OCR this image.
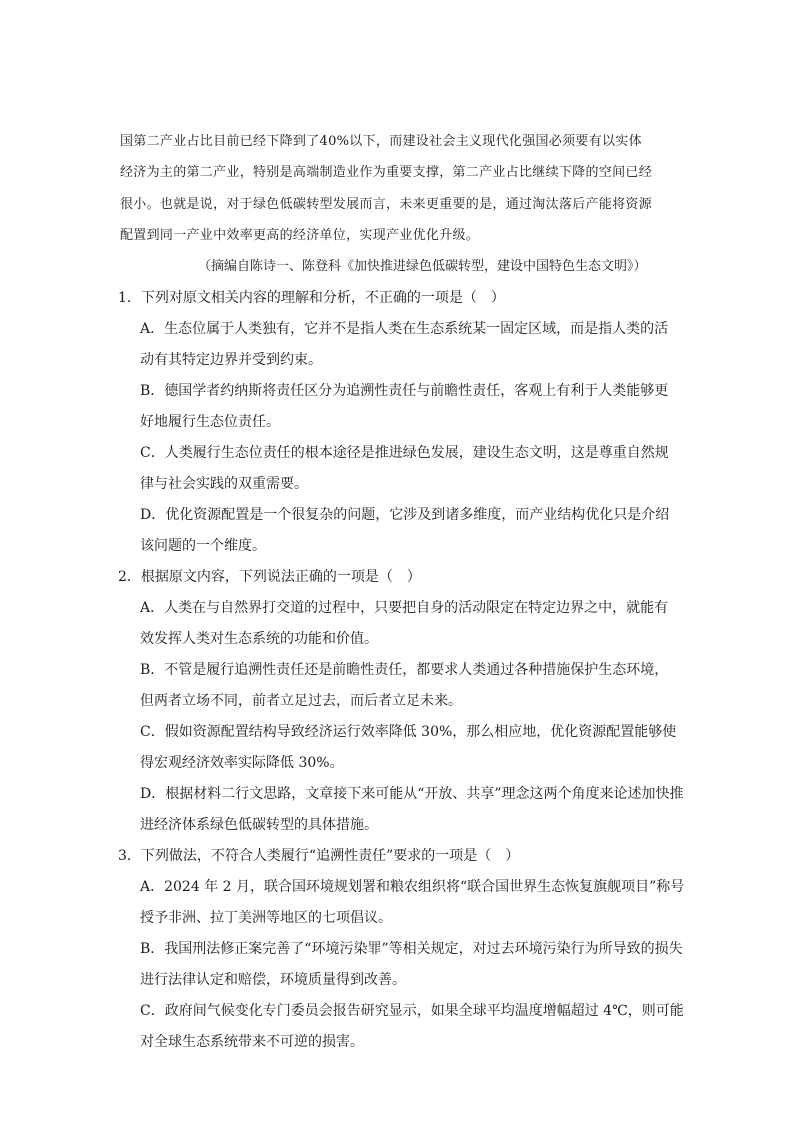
国第二产业占比目前已经下降到了40%以下，而建设社会主义现代化强国必须要有以实体
经济为主的第二产业，特别是高端制造业作为重要支撑，第二产业占比继续下降的空间已经
很小。也就是说，对于绿色低碳转型发展而言，未来更重要的是，通过淘汰落后产能将资源
配置到同一产业中效率更高的经济单位，实现产业优化升级。
（摘编自陈诗一、陈登科《加快推进绿色低碳转型，建设中国特色生态文明》）
1．下列对原文相关内容的理解和分析，不正确的一项是（　）
A．生态位属于人类独有，它并不是指人类在生态系统某一固定区域，而是指人类的活
动有其特定边界并受到约束。
B．德国学者约纳斯将责任区分为追溯性责任与前瞻性责任，客观上有利于人类能够更
好地履行生态位责任。
C．人类履行生态位责任的根本途径是推进绿色发展，建设生态文明，这是尊重自然规
律与社会实践的双重需要。
D．优化资源配置是一个很复杂的问题，它涉及到诸多维度，而产业结构优化只是介绍
该问题的一个维度。
2．根据原文内容，下列说法正确的一项是（　）
A．人类在与自然界打交道的过程中，只要把自身的活动限定在特定边界之中，就能有
效发挥人类对生态系统的功能和价值。
B．不管是履行追溯性责任还是前瞻性责任，都要求人类通过各种措施保护生态环境，
但两者立场不同，前者立足过去，而后者立足未来。
C．假如资源配置结构导致经济运行效率降低 30%，那么相应地，优化资源配置能够使
得宏观经济效率实际降低 30%。
D．根据材料二行文思路，文章接下来可能从“开放、共享”理念这两个角度来论述加快推
进经济体系绿色低碳转型的具体措施。
3．下列做法，不符合人类履行“追溯性责任”要求的一项是（　）
A．2024 年 2 月，联合国环境规划署和粮农组织将“联合国世界生态恢复旗舰项目”称号
授予非洲、拉丁美洲等地区的七项倡议。
B．我国刑法修正案完善了“环境污染罪”等相关规定，对过去环境污染行为所导致的损失
进行法律认定和赔偿，环境质量得到改善。
C．政府间气候变化专门委员会报告研究显示，如果全球平均温度增幅超过 4℃，则可能
对全球生态系统带来不可逆的损害。
